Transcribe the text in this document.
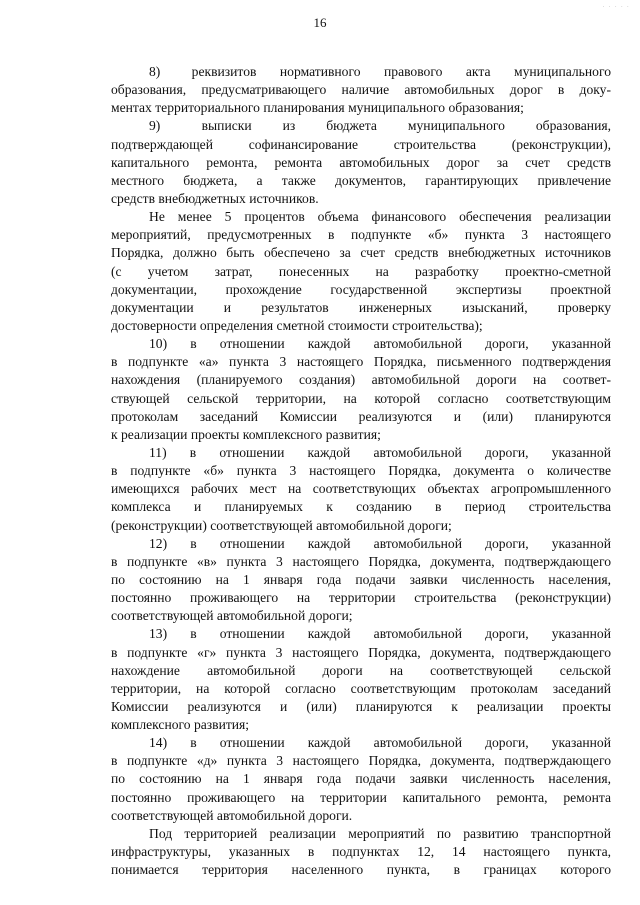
· · · · ·
16
8)    реквизитов   нормативного   правового   акта   муниципального
образования, предусматривающего наличие автомобильных дорог в доку-
ментах территориального планирования муниципального образования;
9)    выписки   из   бюджета   муниципального   образования,
подтверждающей  софинансирование  строительства  (реконструкции),
капитального ремонта, ремонта автомобильных дорог за счет средств
местного бюджета, а также документов, гарантирующих привлечение
средств внебюджетных источников.
Не менее 5 процентов объема финансового обеспечения реализации
мероприятий, предусмотренных в подпункте «б» пункта 3 настоящего
Порядка, должно быть обеспечено за счет средств внебюджетных источников
(с   учетом   затрат,   понесенных   на   разработку   проектно-сметной
документации,  прохождение  государственной  экспертизы  проектной
документации   и   результатов   инженерных   изысканий,   проверку
достоверности определения сметной стоимости строительства);
10)  в  отношении  каждой  автомобильной  дороги,  указанной
в подпункте «а» пункта 3 настоящего Порядка, письменного подтверждения
нахождения (планируемого создания) автомобильной дороги на соответ-
ствующей сельской территории, на которой согласно соответствующим
протоколам заседаний Комиссии реализуются и (или) планируются
к реализации проекты комплексного развития;
11)  в  отношении  каждой  автомобильной  дороги,  указанной
в подпункте «б» пункта 3 настоящего Порядка, документа о количестве
имеющихся рабочих мест на соответствующих объектах агропромышленного
комплекса  и  планируемых  к  созданию  в  период  строительства
(реконструкции) соответствующей автомобильной дороги;
12)  в  отношении  каждой  автомобильной  дороги,  указанной
в подпункте «в» пункта 3 настоящего Порядка, документа, подтверждающего
по состоянию на 1 января года подачи заявки численность населения,
постоянно проживающего на территории строительства (реконструкции)
соответствующей автомобильной дороги;
13)  в  отношении  каждой  автомобильной  дороги,  указанной
в подпункте «г» пункта 3 настоящего Порядка, документа, подтверждающего
нахождение  автомобильной  дороги  на  соответствующей  сельской
территории, на которой согласно соответствующим протоколам заседаний
Комиссии  реализуются  и  (или)  планируются  к  реализации  проекты
комплексного развития;
14)  в  отношении  каждой  автомобильной  дороги,  указанной
в подпункте «д» пункта 3 настоящего Порядка, документа, подтверждающего
по состоянию на 1 января года подачи заявки численность населения,
постоянно проживающего на территории капитального ремонта, ремонта
соответствующей автомобильной дороги.
Под территорией реализации мероприятий по развитию транспортной
инфраструктуры,  указанных  в  подпунктах  12,  14  настоящего  пункта,
понимается   территория   населенного   пункта,   в   границах   которого
